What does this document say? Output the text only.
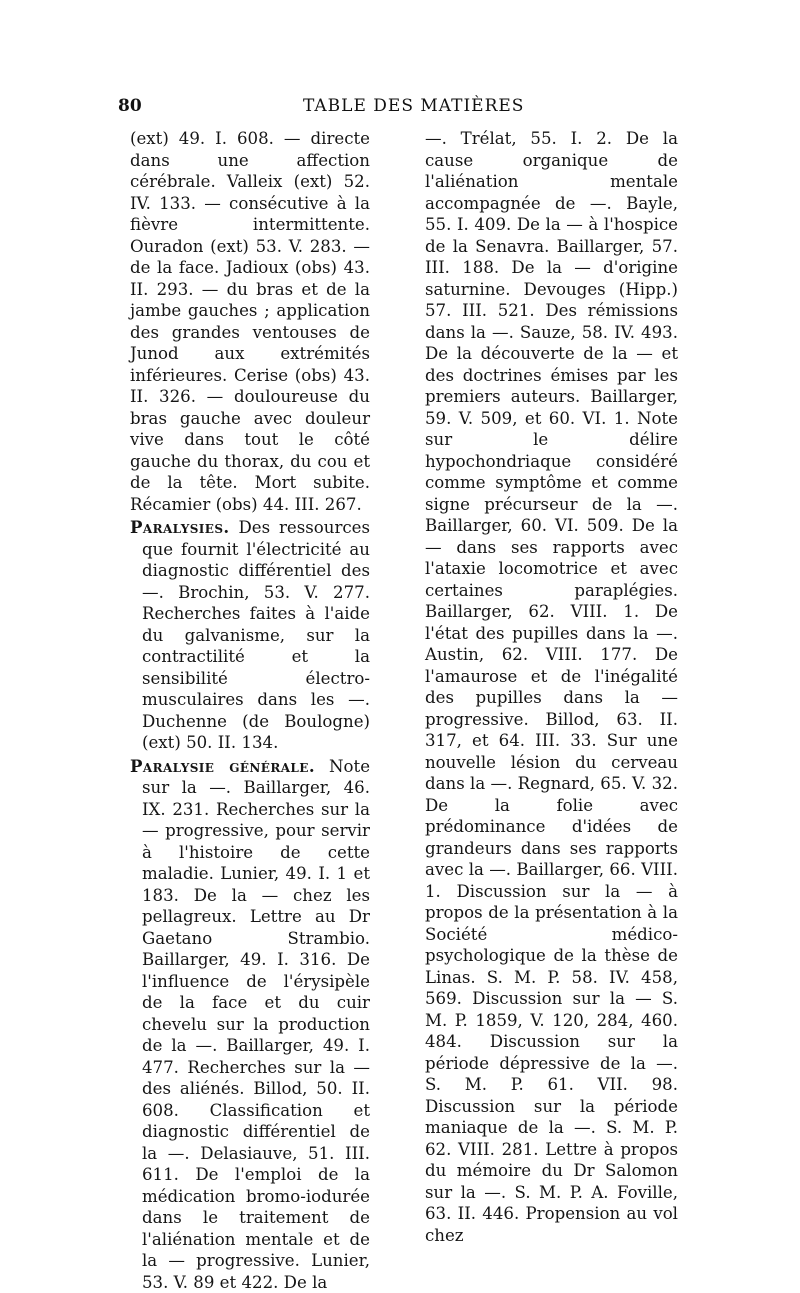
80	TABLE DES MATIÈRES

(ext) 49. I. 608. — directe dans une affection cérébrale. Valleix (ext) 52. IV. 133. — consécutive à la fièvre intermittente. Ouradon (ext) 53. V. 283. — de la face. Jadioux (obs) 43. II. 293. — du bras et de la jambe gauches ; application des grandes ventouses de Junod aux extrémités inférieures. Cerise (obs) 43. II. 326. — douloureuse du bras gauche avec douleur vive dans tout le côté gauche du thorax, du cou et de la tête. Mort subite. Récamier (obs) 44. III. 267.

Paralysies. Des ressources que fournit l'électricité au diagnostic différentiel des —. Brochin, 53. V. 277. Recherches faites à l'aide du galvanisme, sur la contractilité et la sensibilité électro-musculaires dans les —. Duchenne (de Boulogne) (ext) 50. II. 134.

Paralysie générale. Note sur la —. Baillarger, 46. IX. 231. Recherches sur la — progressive, pour servir à l'histoire de cette maladie. Lunier, 49. I. 1 et 183. De la — chez les pellagreux. Lettre au Dr Gaetano Strambio. Baillarger, 49. I. 316. De l'influence de l'érysipèle de la face et du cuir chevelu sur la production de la —. Baillarger, 49. I. 477. Recherches sur la — des aliénés. Billod, 50. II. 608. Classification et diagnostic différentiel de la —. Delasiauve, 51. III. 611. De l'emploi de la médication bromo-iodurée dans le traitement de l'aliénation mentale et de la — progressive. Lunier, 53. V. 89 et 422. De la

—. Trélat, 55. I. 2. De la cause organique de l'aliénation mentale accompagnée de —. Bayle, 55. I. 409. De la — à l'hospice de la Senavra. Baillarger, 57. III. 188. De la — d'origine saturnine. Devouges (Hipp.) 57. III. 521. Des rémissions dans la —. Sauze, 58. IV. 493. De la découverte de la — et des doctrines émises par les premiers auteurs. Baillarger, 59. V. 509, et 60. VI. 1. Note sur le délire hypochondriaque considéré comme symptôme et comme signe précurseur de la —. Baillarger, 60. VI. 509. De la — dans ses rapports avec l'ataxie locomotrice et avec certaines paraplégies. Baillarger, 62. VIII. 1. De l'état des pupilles dans la —. Austin, 62. VIII. 177. De l'amaurose et de l'inégalité des pupilles dans la — progressive. Billod, 63. II. 317, et 64. III. 33. Sur une nouvelle lésion du cerveau dans la —. Regnard, 65. V. 32. De la folie avec prédominance d'idées de grandeurs dans ses rapports avec la —. Baillarger, 66. VIII. 1. Discussion sur la — à propos de la présentation à la Société médico-psychologique de la thèse de Linas. S. M. P. 58. IV. 458, 569. Discussion sur la — S. M. P. 1859, V. 120, 284, 460. 484. Discussion sur la période dépressive de la —. S. M. P. 61. VII. 98. Discussion sur la période maniaque de la —. S. M. P. 62. VIII. 281. Lettre à propos du mémoire du Dr Salomon sur la —. S. M. P. A. Foville, 63. II. 446. Propension au vol chez
